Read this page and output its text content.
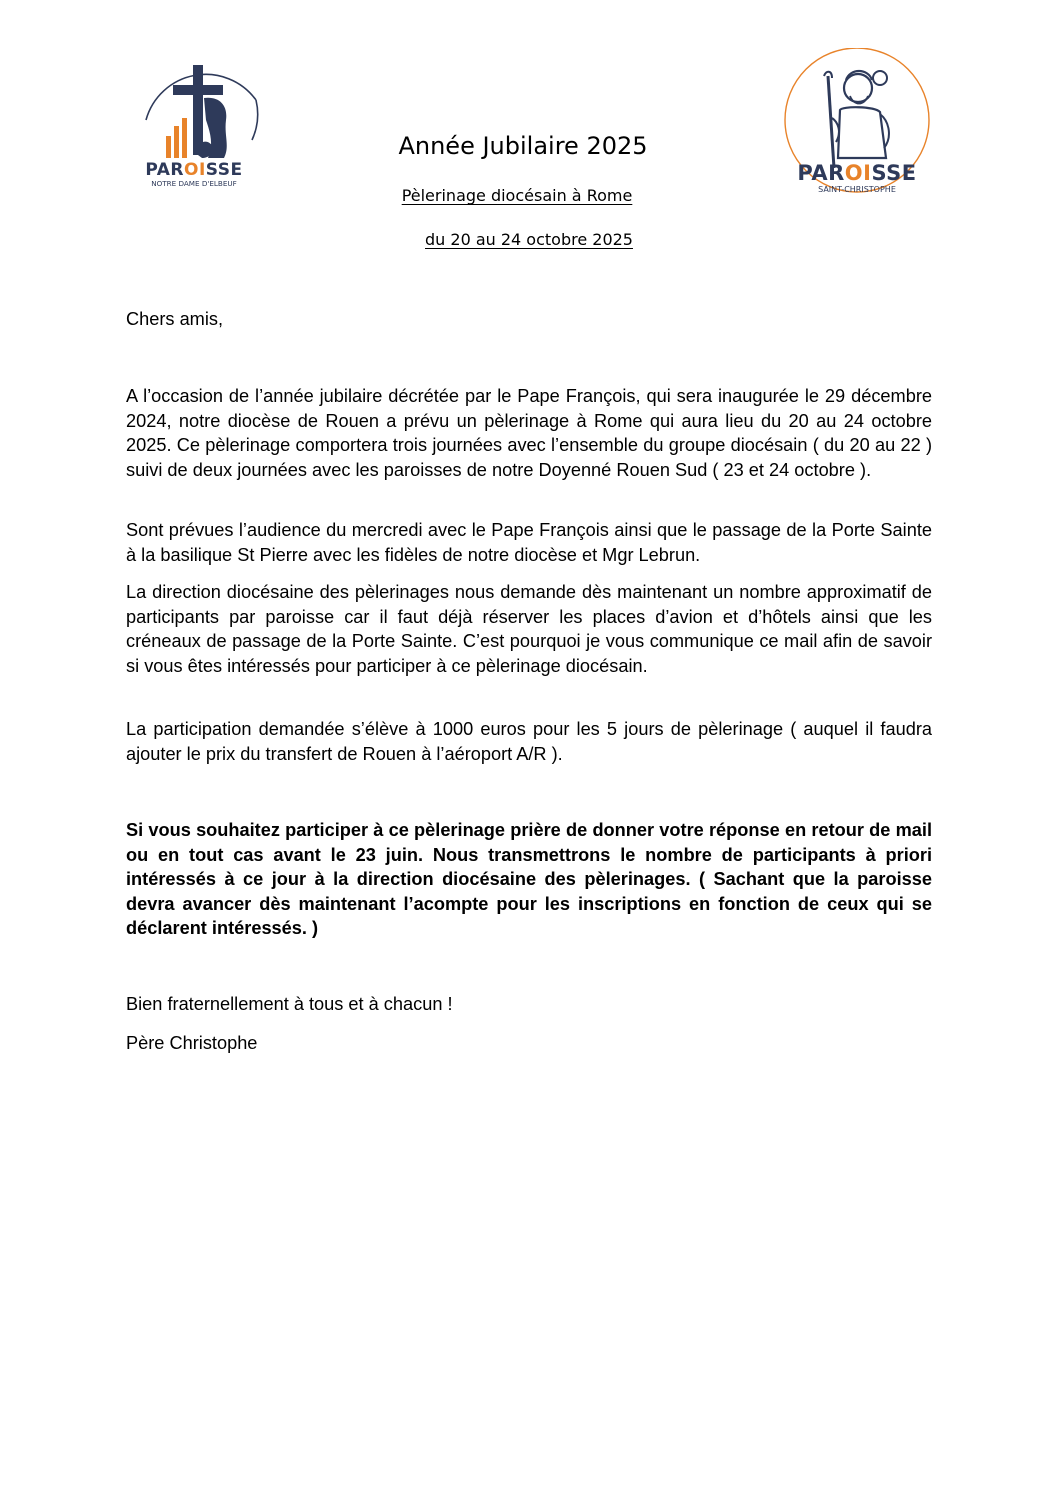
PAROISSE
NOTRE DAME D'ELBEUF	PAROISSE
SAINT-CHRISTOPHE
Année Jubilaire 2025
Pèlerinage diocésain à Rome
du 20 au 24 octobre 2025
Chers amis,
A l’occasion de l’année jubilaire décrétée par le Pape François, qui sera inaugurée le 29 décembre 2024, notre diocèse de Rouen a prévu un pèlerinage à Rome qui aura lieu du 20 au 24 octobre 2025. Ce pèlerinage comportera trois journées avec l’ensemble du groupe diocésain ( du 20 au 22 ) suivi de deux journées avec les paroisses de notre Doyenné Rouen Sud ( 23 et 24 octobre ).
Sont prévues l’audience du mercredi avec le Pape François ainsi que le passage de la Porte Sainte à la basilique St Pierre avec les fidèles de notre diocèse et Mgr Lebrun.
La direction diocésaine des pèlerinages nous demande dès maintenant un nombre approximatif de participants par paroisse car il faut déjà réserver les places d’avion et d’hôtels ainsi que les créneaux de passage de la Porte Sainte. C’est pourquoi je vous communique ce mail afin de savoir si vous êtes intéressés pour participer à ce pèlerinage diocésain.
La participation demandée s’élève à 1000 euros pour les 5 jours de pèlerinage ( auquel il faudra ajouter le prix du transfert de Rouen à l’aéroport A/R ).
Si vous souhaitez participer à ce pèlerinage prière de donner votre réponse en retour de mail ou en tout cas avant le 23 juin. Nous transmettrons le nombre de participants à priori intéressés à ce jour à la direction diocésaine des pèlerinages. ( Sachant que la paroisse devra avancer dès maintenant l’acompte pour les inscriptions en fonction de ceux qui se déclarent intéressés. )
Bien fraternellement à tous et à chacun !
Père Christophe
